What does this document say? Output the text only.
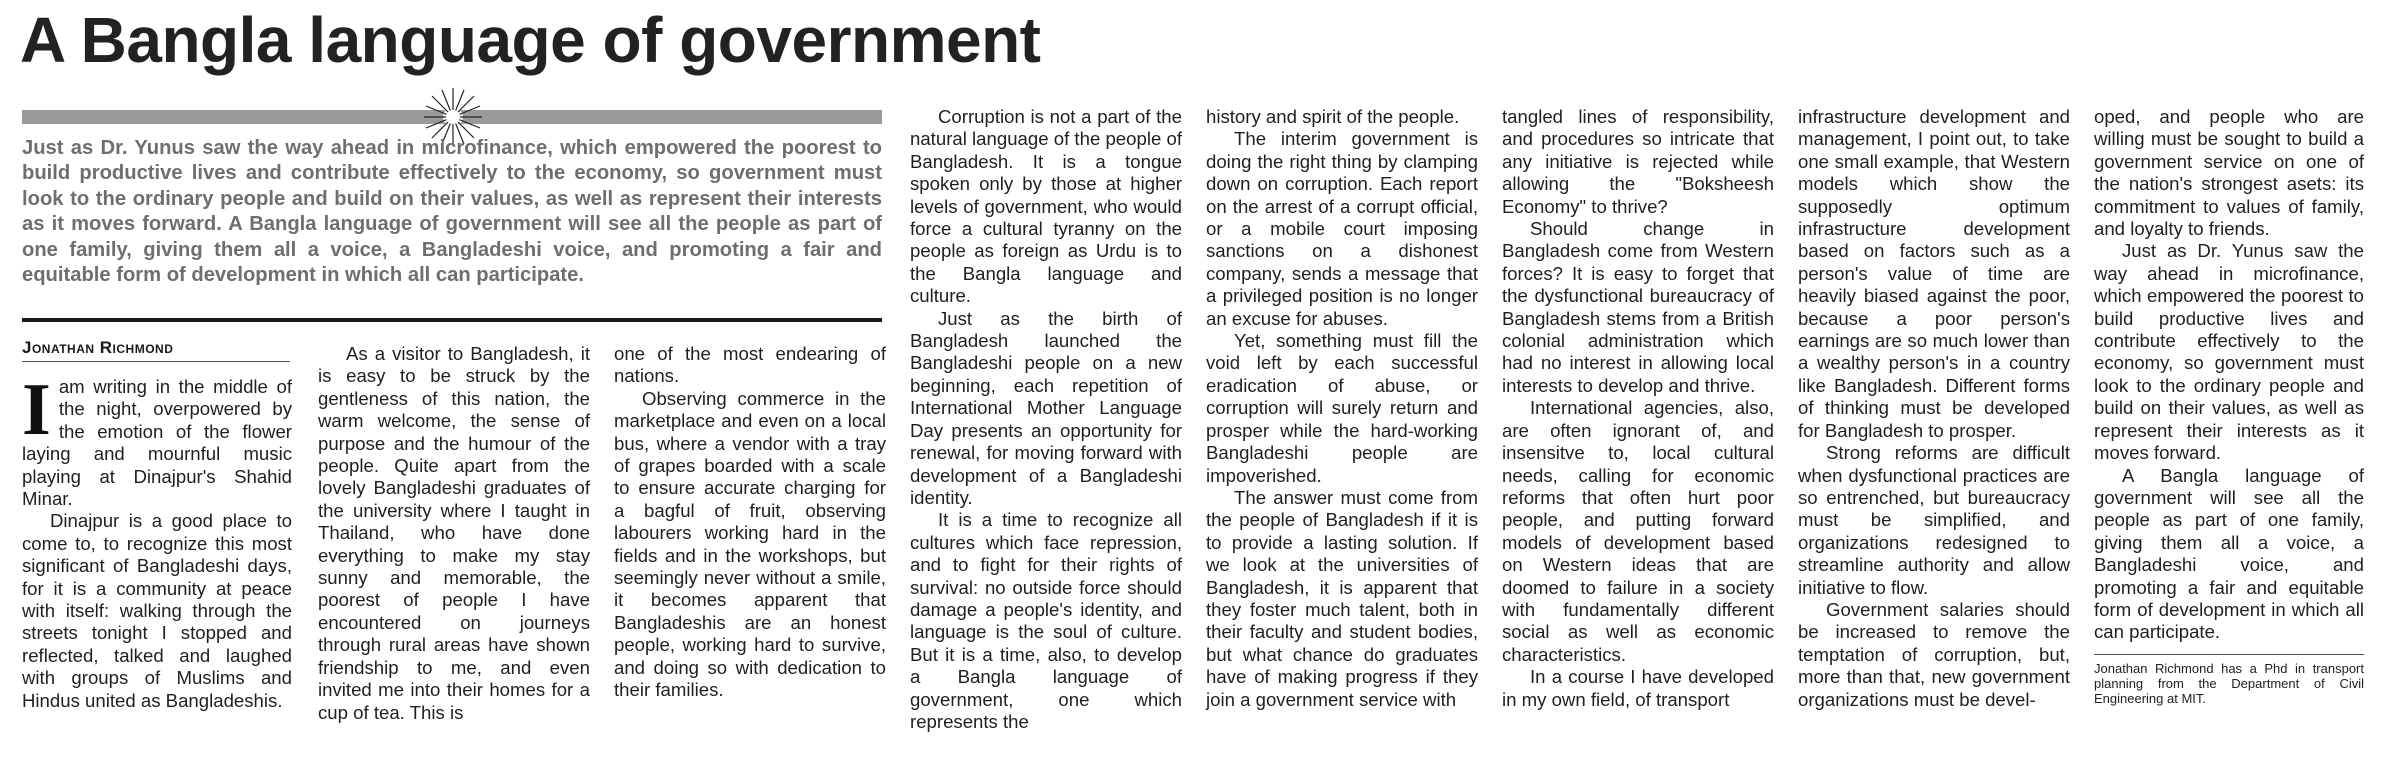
A Bangla language of government

Just as Dr. Yunus saw the way ahead in microfinance, which empowered the poorest to build productive lives and contribute effectively to the economy, so government must look to the ordinary people and build on their values, as well as represent their interests as it moves forward. A Bangla language of government will see all the people as part of one family, giving them all a voice, a Bangladeshi voice, and promoting a fair and equitable form of development in which all can participate.

Jonathan Richmond

Iam writing in the middle of the night, overpowered by the emotion of the flower laying and mournful music playing at Dinajpur's Shahid Minar.

Dinajpur is a good place to come to, to recognize this most significant of Bangladeshi days, for it is a community at peace with itself: walking through the streets tonight I stopped and reflected, talked and laughed with groups of Muslims and Hindus united as Bangladeshis.

As a visitor to Bangladesh, it is easy to be struck by the gentleness of this nation, the warm welcome, the sense of purpose and the humour of the people. Quite apart from the lovely Bangladeshi graduates of the university where I taught in Thailand, who have done everything to make my stay sunny and memorable, the poorest of people I have encountered on journeys through rural areas have shown friendship to me, and even invited me into their homes for a cup of tea. This is

one of the most endearing of nations.

Observing commerce in the marketplace and even on a local bus, where a vendor with a tray of grapes boarded with a scale to ensure accurate charging for a bagful of fruit, observing labourers working hard in the fields and in the workshops, but seemingly never without a smile, it becomes apparent that Bangladeshis are an honest people, working hard to survive, and doing so with dedication to their families.

Corruption is not a part of the natural language of the people of Bangladesh. It is a tongue spoken only by those at higher levels of government, who would force a cultural tyranny on the people as foreign as Urdu is to the Bangla language and culture.

Just as the birth of Bangladesh launched the Bangladeshi people on a new beginning, each repetition of International Mother Language Day presents an opportunity for renewal, for moving forward with development of a Bangladeshi identity.

It is a time to recognize all cultures which face repression, and to fight for their rights of survival: no outside force should damage a people's identity, and language is the soul of culture. But it is a time, also, to develop a Bangla language of government, one which represents the

history and spirit of the people.

The interim government is doing the right thing by clamping down on corruption. Each report on the arrest of a corrupt official, or a mobile court imposing sanctions on a dishonest company, sends a message that a privileged position is no longer an excuse for abuses.

Yet, something must fill the void left by each successful eradication of abuse, or corruption will surely return and prosper while the hard-working Bangladeshi people are impoverished.

The answer must come from the people of Bangladesh if it is to provide a lasting solution. If we look at the universities of Bangladesh, it is apparent that they foster much talent, both in their faculty and student bodies, but what chance do graduates have of making progress if they join a government service with

tangled lines of responsibility, and procedures so intricate that any initiative is rejected while allowing the "Boksheesh Economy" to thrive?

Should change in Bangladesh come from Western forces? It is easy to forget that the dysfunctional bureaucracy of Bangladesh stems from a British colonial administration which had no interest in allowing local interests to develop and thrive.

International agencies, also, are often ignorant of, and insensitve to, local cultural needs, calling for economic reforms that often hurt poor people, and putting forward models of development based on Western ideas that are doomed to failure in a society with fundamentally different social as well as economic characteristics.

In a course I have developed in my own field, of transport

infrastructure development and management, I point out, to take one small example, that Western models which show the supposedly optimum infrastructure development based on factors such as a person's value of time are heavily biased against the poor, because a poor person's earnings are so much lower than a wealthy person's in a country like Bangladesh. Different forms of thinking must be developed for Bangladesh to prosper.

Strong reforms are difficult when dysfunctional practices are so entrenched, but bureaucracy must be simplified, and organizations redesigned to streamline authority and allow initiative to flow.

Government salaries should be increased to remove the temptation of corruption, but, more than that, new government organizations must be devel-

oped, and people who are willing must be sought to build a government service on one of the nation's strongest asets: its commitment to values of family, and loyalty to friends.

Just as Dr. Yunus saw the way ahead in microfinance, which empowered the poorest to build productive lives and contribute effectively to the economy, so government must look to the ordinary people and build on their values, as well as represent their interests as it moves forward.

A Bangla language of government will see all the people as part of one family, giving them all a voice, a Bangladeshi voice, and promoting a fair and equitable form of development in which all can participate.

Jonathan Richmond has a Phd in transport planning from the Department of Civil Engineering at MIT.
